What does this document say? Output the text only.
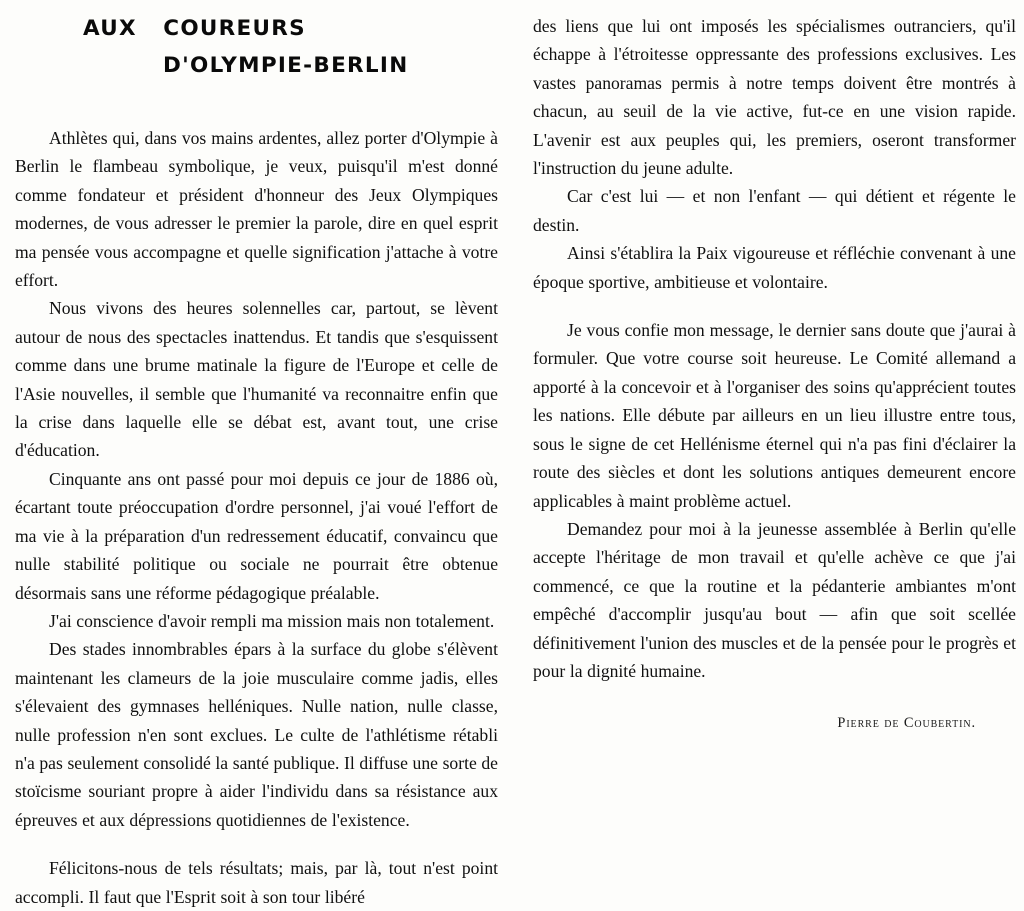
AUX   COUREURS
D'OLYMPIE-BERLIN

Athlètes qui, dans vos mains ardentes, allez porter d'Olympie à Berlin le flambeau symbolique, je veux, puisqu'il m'est donné comme fondateur et président d'honneur des Jeux Olympiques modernes, de vous adresser le premier la parole, dire en quel esprit ma pensée vous accompagne et quelle signification j'attache à votre effort.

Nous vivons des heures solennelles car, partout, se lèvent autour de nous des spectacles inattendus. Et tandis que s'esquissent comme dans une brume matinale la figure de l'Europe et celle de l'Asie nouvelles, il semble que l'humanité va reconnaitre enfin que la crise dans laquelle elle se débat est, avant tout, une crise d'éducation.

Cinquante ans ont passé pour moi depuis ce jour de 1886 où, écartant toute préoccupation d'ordre personnel, j'ai voué l'effort de ma vie à la préparation d'un redressement éducatif, convaincu que nulle stabilité politique ou sociale ne pourrait être obtenue désormais sans une réforme pédagogique préalable.

J'ai conscience d'avoir rempli ma mission mais non totalement.

Des stades innombrables épars à la surface du globe s'élèvent maintenant les clameurs de la joie musculaire comme jadis, elles s'élevaient des gymnases helléniques. Nulle nation, nulle classe, nulle profession n'en sont exclues. Le culte de l'athlétisme rétabli n'a pas seulement consolidé la santé publique. Il diffuse une sorte de stoïcisme souriant propre à aider l'individu dans sa résistance aux épreuves et aux dépressions quotidiennes de l'existence.

Félicitons-nous de tels résultats; mais, par là, tout n'est point accompli. Il faut que l'Esprit soit à son tour libéré

des liens que lui ont imposés les spécialismes outranciers, qu'il échappe à l'étroitesse oppressante des professions exclusives. Les vastes panoramas permis à notre temps doivent être montrés à chacun, au seuil de la vie active, fut-ce en une vision rapide. L'avenir est aux peuples qui, les premiers, oseront transformer l'instruction du jeune adulte.

Car c'est lui — et non l'enfant — qui détient et régente le destin.

Ainsi s'établira la Paix vigoureuse et réfléchie convenant à une époque sportive, ambitieuse et volontaire.

Je vous confie mon message, le dernier sans doute que j'aurai à formuler. Que votre course soit heureuse. Le Comité allemand a apporté à la concevoir et à l'organiser des soins qu'apprécient toutes les nations. Elle débute par ailleurs en un lieu illustre entre tous, sous le signe de cet Hellénisme éternel qui n'a pas fini d'éclairer la route des siècles et dont les solutions antiques demeurent encore applicables à maint problème actuel.

Demandez pour moi à la jeunesse assemblée à Berlin qu'elle accepte l'héritage de mon travail et qu'elle achève ce que j'ai commencé, ce que la routine et la pédanterie ambiantes m'ont empêché d'accomplir jusqu'au bout — afin que soit scellée définitivement l'union des muscles et de la pensée pour le progrès et pour la dignité humaine.

Pierre de Coubertin.
